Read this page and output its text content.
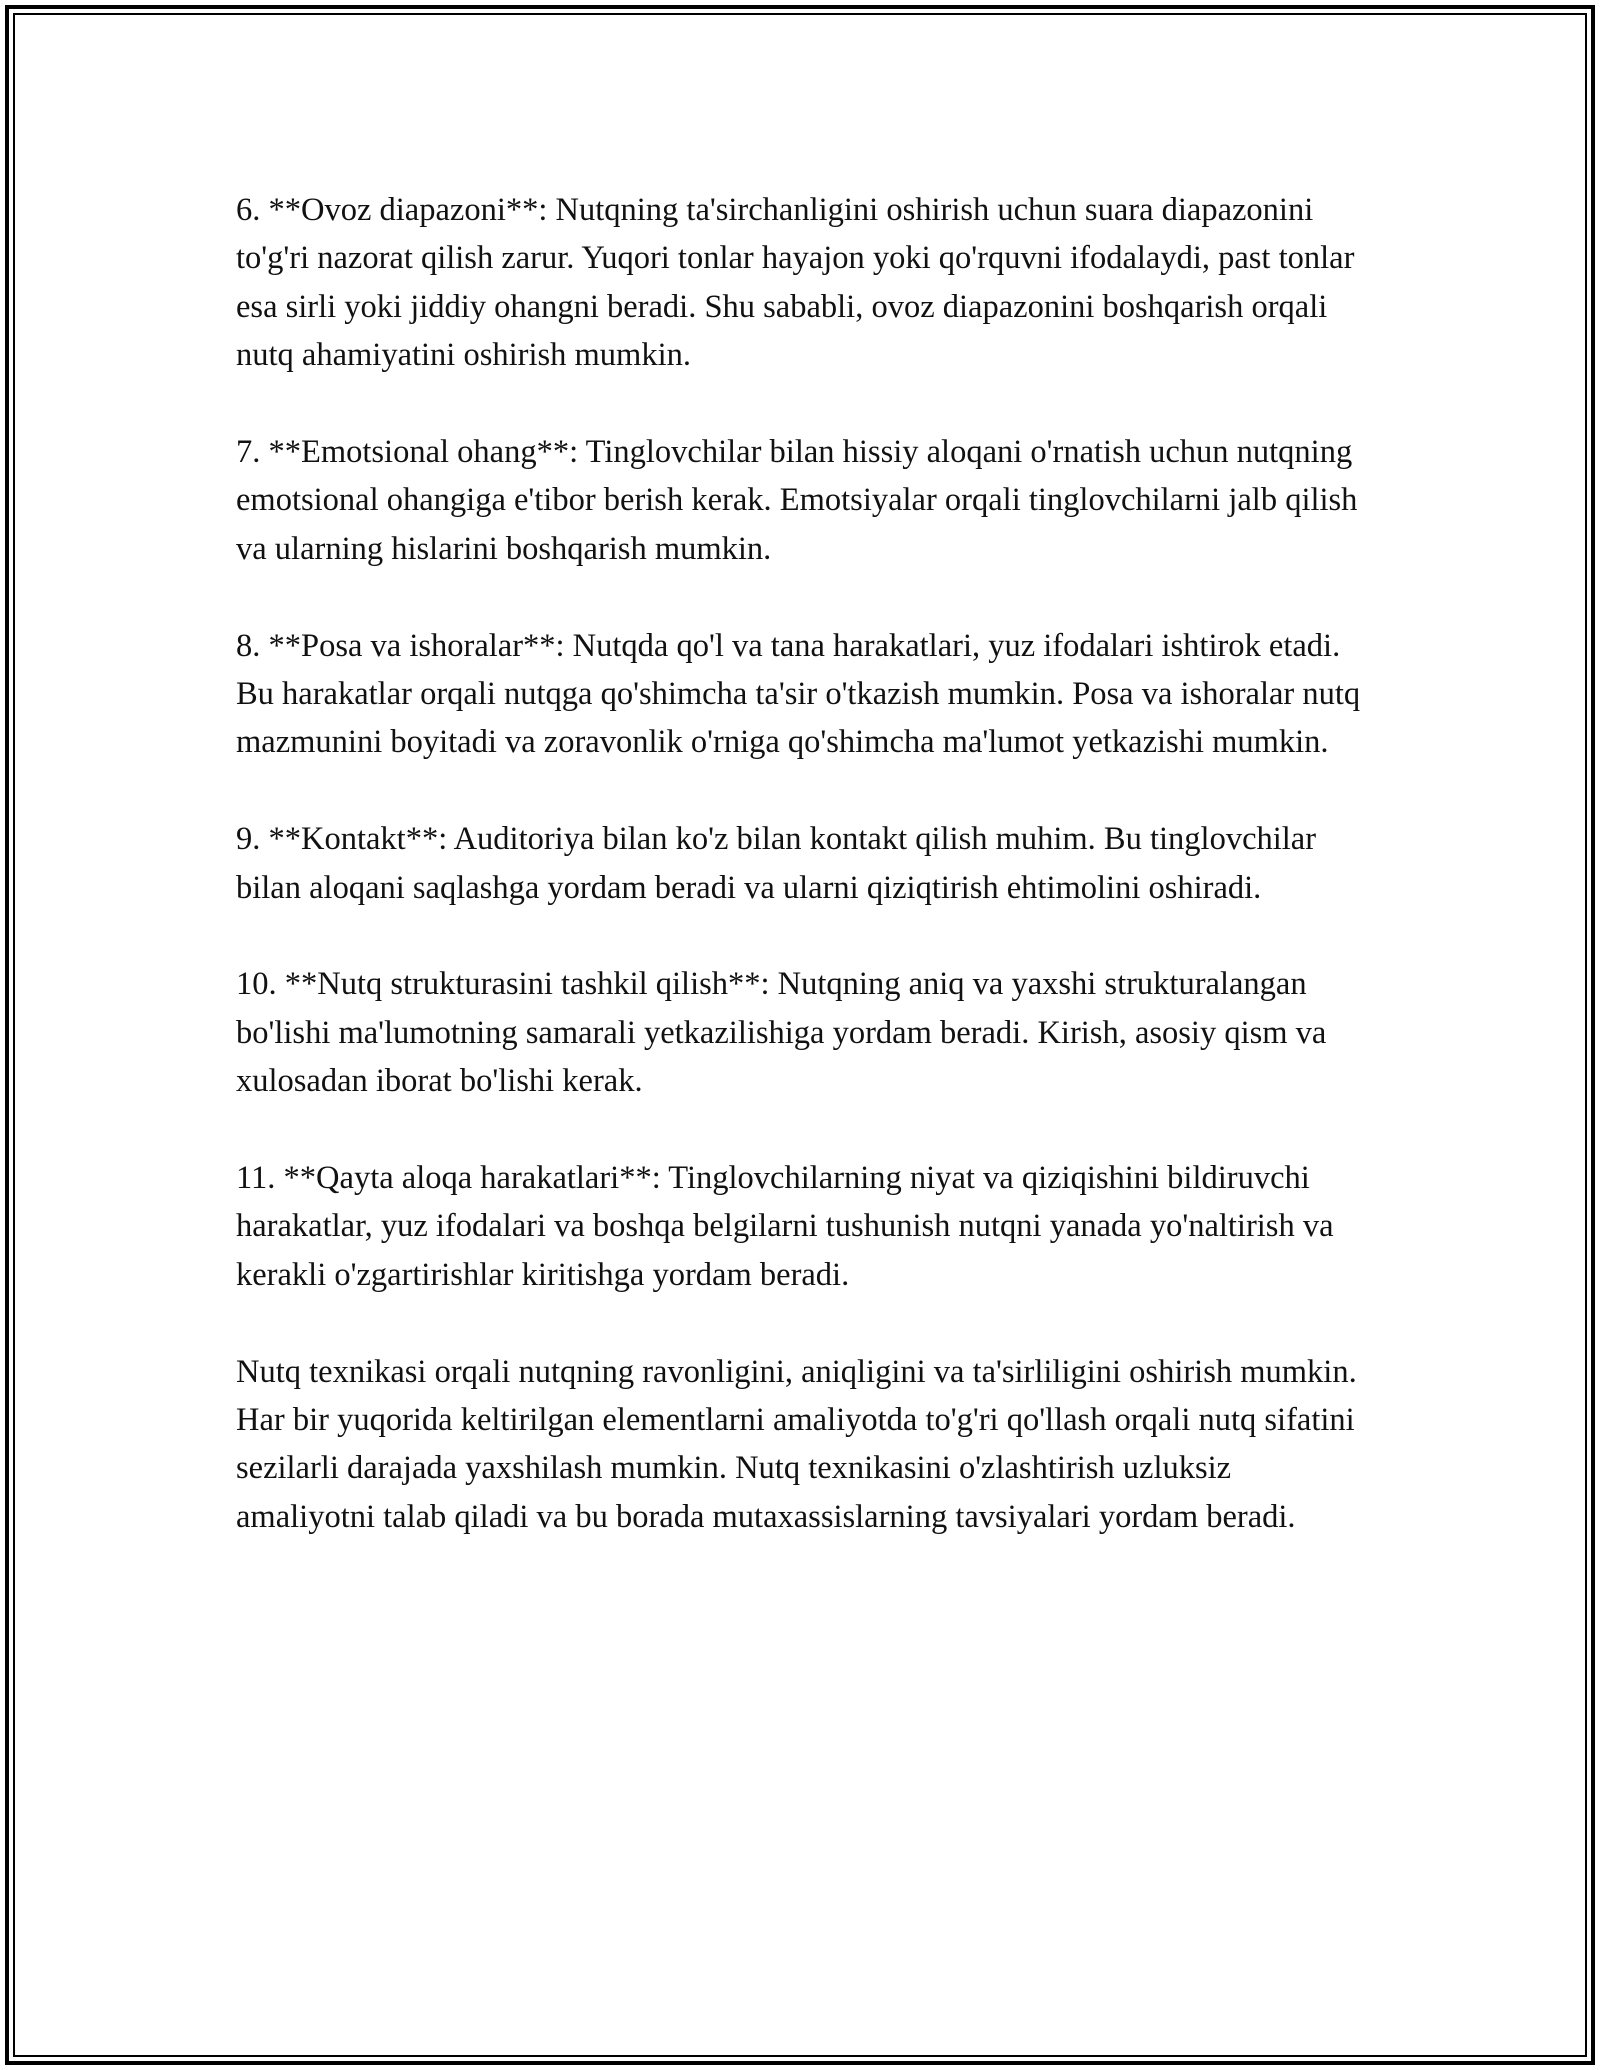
6. **Ovoz diapazoni**: Nutqning ta'sirchanligini oshirish uchun suara diapazonini to'g'ri nazorat qilish zarur. Yuqori tonlar hayajon yoki qo'rquvni ifodalaydi, past tonlar esa sirli yoki jiddiy ohangni beradi. Shu sababli, ovoz diapazonini boshqarish orqali nutq ahamiyatini oshirish mumkin.

7. **Emotsional ohang**: Tinglovchilar bilan hissiy aloqani o'rnatish uchun nutqning emotsional ohangiga e'tibor berish kerak. Emotsiyalar orqali tinglovchilarni jalb qilish va ularning hislarini boshqarish mumkin.

8. **Posa va ishoralar**: Nutqda qo'l va tana harakatlari, yuz ifodalari ishtirok etadi. Bu harakatlar orqali nutqga qo'shimcha ta'sir o'tkazish mumkin. Posa va ishoralar nutq mazmunini boyitadi va zoravonlik o'rniga qo'shimcha ma'lumot yetkazishi mumkin.

9. **Kontakt**: Auditoriya bilan ko'z bilan kontakt qilish muhim. Bu tinglovchilar bilan aloqani saqlashga yordam beradi va ularni qiziqtirish ehtimolini oshiradi.

10. **Nutq strukturasini tashkil qilish**: Nutqning aniq va yaxshi strukturalangan bo'lishi ma'lumotning samarali yetkazilishiga yordam beradi. Kirish, asosiy qism va xulosadan iborat bo'lishi kerak.

11. **Qayta aloqa harakatlari**: Tinglovchilarning niyat va qiziqishini bildiruvchi harakatlar, yuz ifodalari va boshqa belgilarni tushunish nutqni yanada yo'naltirish va kerakli o'zgartirishlar kiritishga yordam beradi.

Nutq texnikasi orqali nutqning ravonligini, aniqligini va ta'sirliligini oshirish mumkin. Har bir yuqorida keltirilgan elementlarni amaliyotda to'g'ri qo'llash orqali nutq sifatini sezilarli darajada yaxshilash mumkin. Nutq texnikasini o'zlashtirish uzluksiz amaliyotni talab qiladi va bu borada mutaxassislarning tavsiyalari yordam beradi.
